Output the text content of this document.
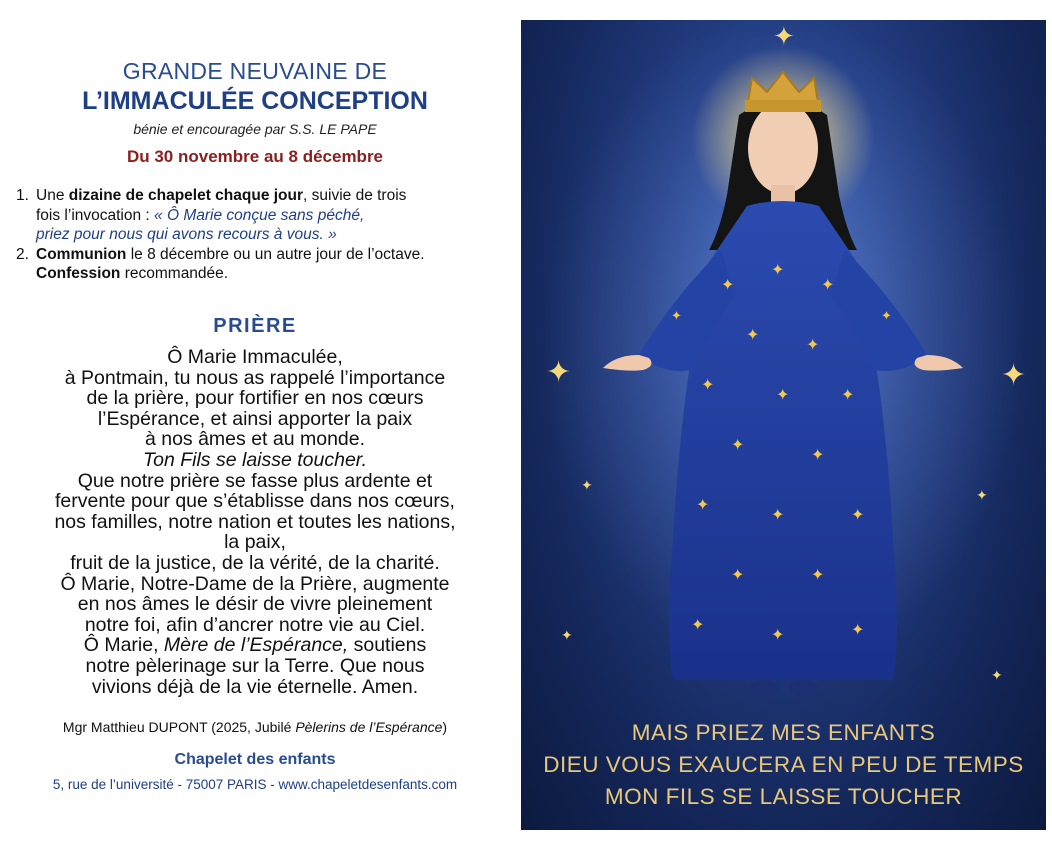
GRANDE NEUVAINE DE
L’IMMACULÉE CONCEPTION
bénie et encouragée par S.S. LE PAPE
Du 30 novembre au 8 décembre
1. Une dizaine de chapelet chaque jour, suivie de trois
fois l’invocation : « Ô Marie conçue sans péché,
priez pour nous qui avons recours à vous. »
2. Communion le 8 décembre ou un autre jour de l’octave.
Confession recommandée.
PRIÈRE
Ô Marie Immaculée,
à Pontmain, tu nous as rappelé l’importance
de la prière, pour fortifier en nos cœurs
l’Espérance, et ainsi apporter la paix
à nos âmes et au monde.
Ton Fils se laisse toucher.
Que notre prière se fasse plus ardente et
fervente pour que s’établisse dans nos cœurs,
nos familles, notre nation et toutes les nations,
la paix,
fruit de la justice, de la vérité, de la charité.
Ô Marie, Notre-Dame de la Prière, augmente
en nos âmes le désir de vivre pleinement
notre foi, afin d’ancrer notre vie au Ciel.
Ô Marie, Mère de l’Espérance, soutiens
notre pèlerinage sur la Terre. Que nous
vivions déjà de la vie éternelle. Amen.
Mgr Matthieu DUPONT (2025, Jubilé Pèlerins de l’Espérance)
Chapelet des enfants
5, rue de l’université - 75007 PARIS - www.chapeletdesenfants.com
✦
✦
✦
✦
✦
✦
✦	✦
✦
✦
✦
✦	✦
✦	✦
✦
✦	✦
✦	✦
✦
✦	✦
✦
✦
✦
✦
MAIS PRIEZ MES ENFANTS
DIEU VOUS EXAUCERA EN PEU DE TEMPS
MON FILS SE LAISSE TOUCHER
